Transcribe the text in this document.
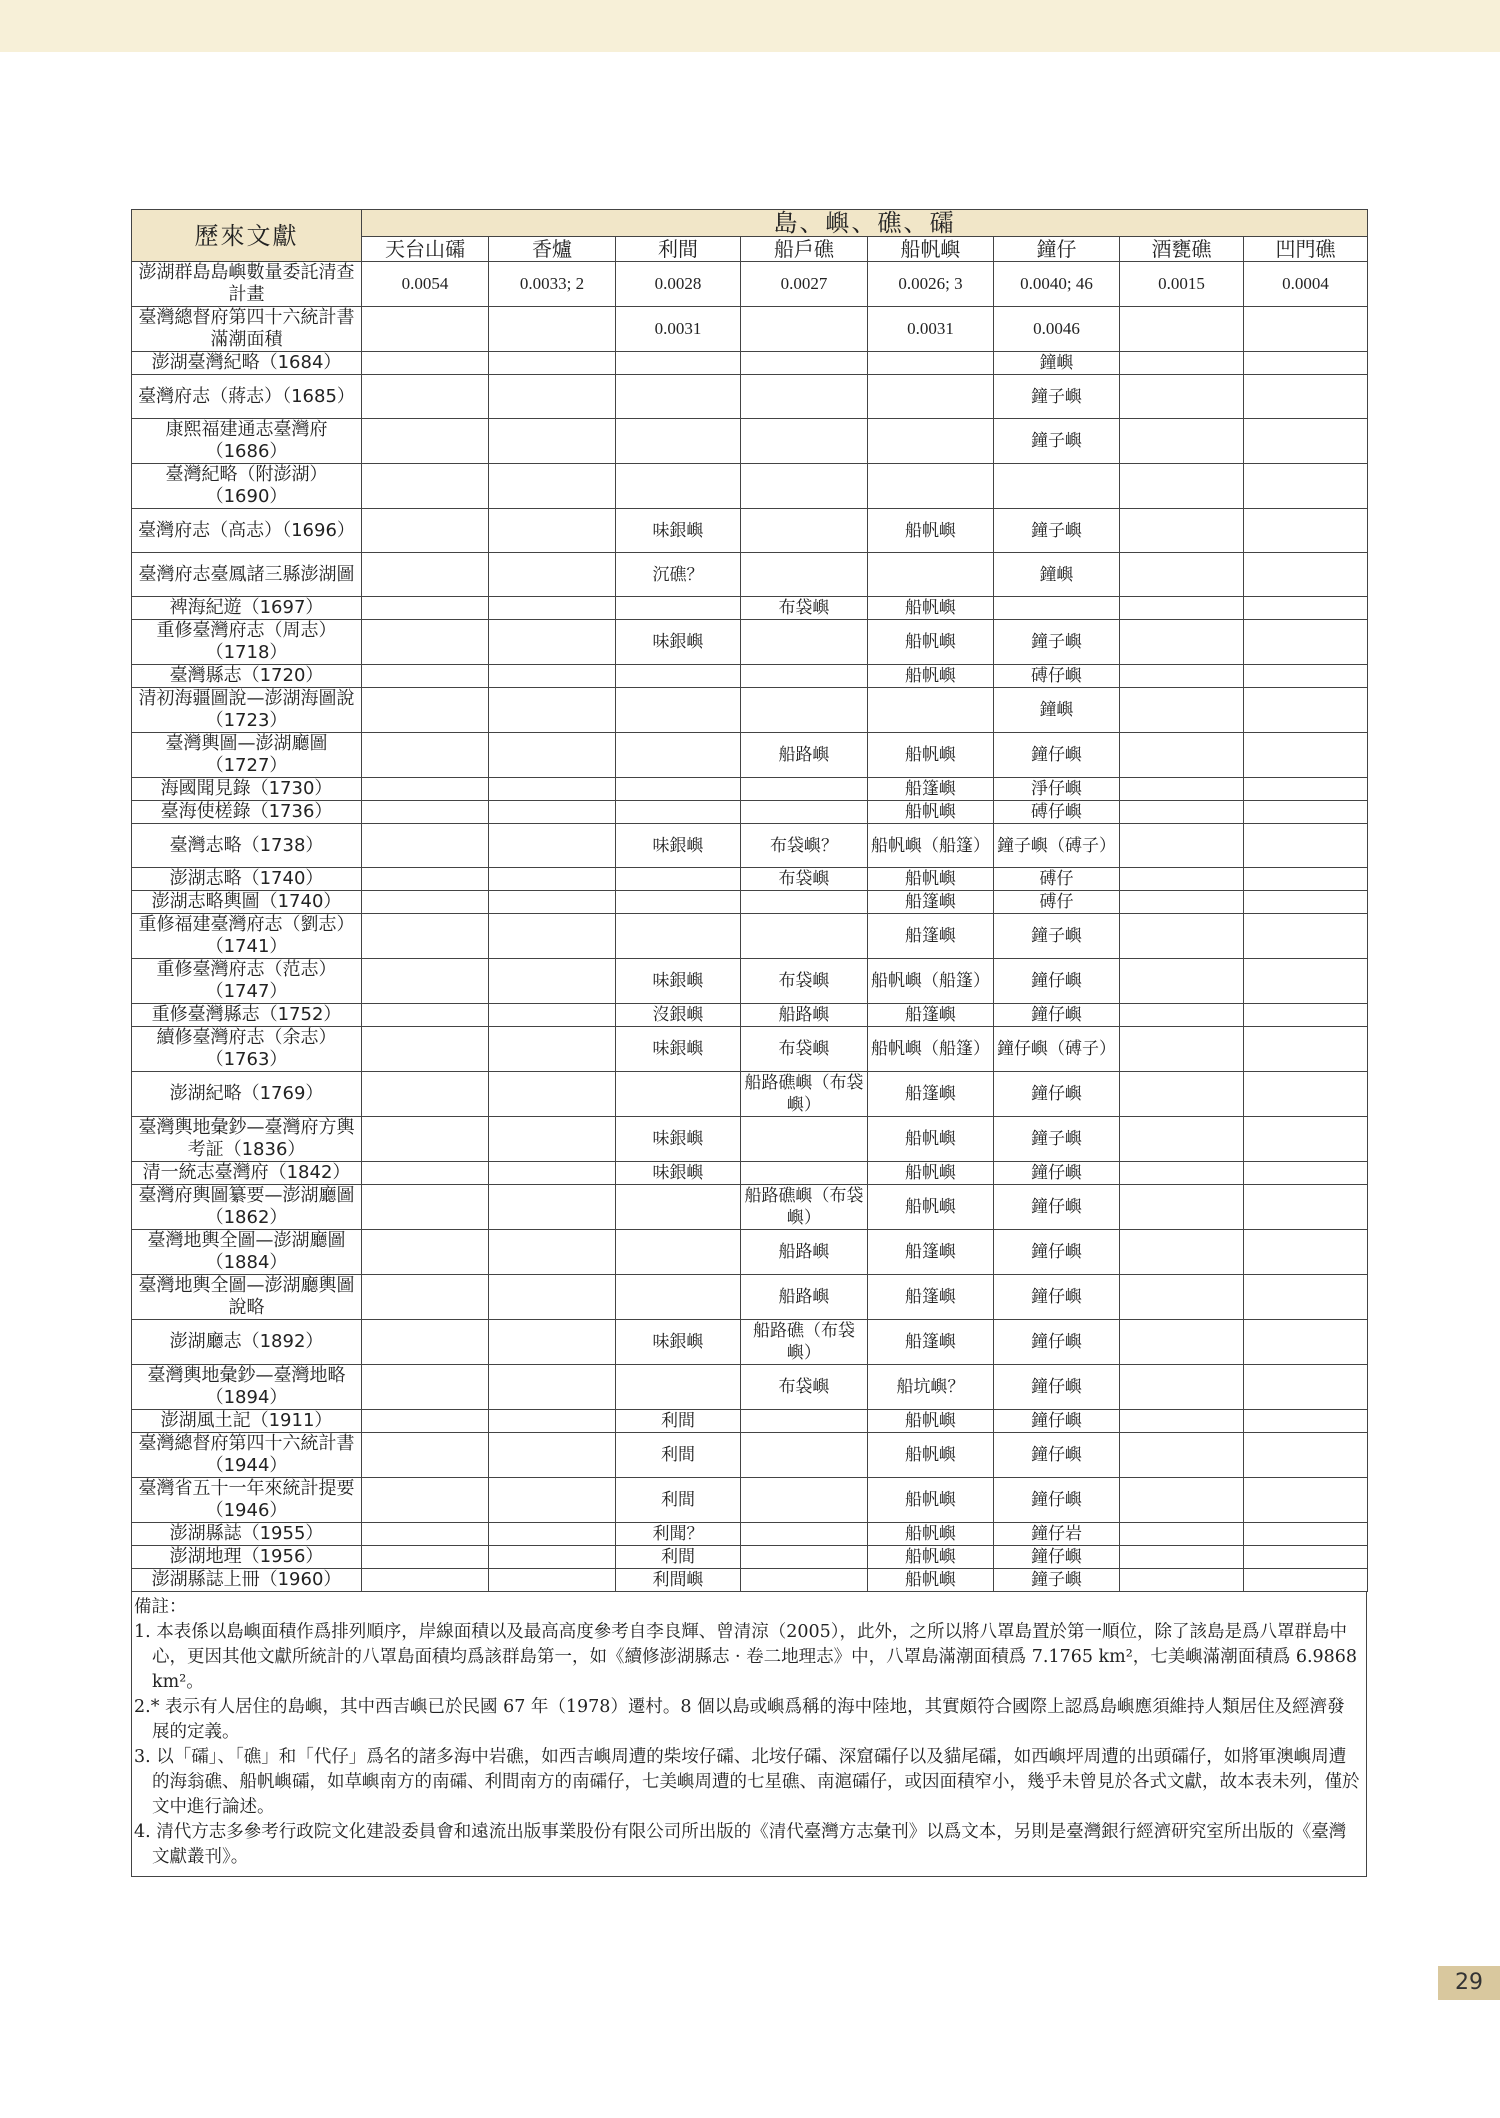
歷來文獻	島、嶼、礁、礵							
	天台山礵	香爐	利間	船戶礁	船帆嶼	鐘仔	酒甕礁	凹門礁
澎湖群島島嶼數量委託清查計畫	0.0054	0.0033; 2	0.0028	0.0027	0.0026; 3	0.0040; 46	0.0015	0.0004
臺灣總督府第四十六統計書滿潮面積			0.0031		0.0031	0.0046		
澎湖臺灣紀略（1684）						鐘嶼		
臺灣府志（蔣志）（1685）						鐘子嶼		
康熙福建通志臺灣府（1686）						鐘子嶼		
臺灣紀略（附澎湖）（1690）								
臺灣府志（高志）（1696）			味銀嶼		船帆嶼	鐘子嶼		
臺灣府志臺鳳諸三縣澎湖圖			沉礁？			鐘嶼		
裨海紀遊（1697）				布袋嶼	船帆嶼			
重修臺灣府志（周志）（1718）			味銀嶼		船帆嶼	鐘子嶼		
臺灣縣志（1720）					船帆嶼	磗仔嶼		
清初海疆圖說—澎湖海圖說（1723）						鐘嶼		
臺灣輿圖—澎湖廳圖（1727）				船路嶼	船帆嶼	鐘仔嶼		
海國聞見錄（1730）					船篷嶼	淨仔嶼		
臺海使槎錄（1736）					船帆嶼	磗仔嶼		
臺灣志略（1738）			味銀嶼	布袋嶼？	船帆嶼（船篷）	鐘子嶼（磗子）		
澎湖志略（1740）				布袋嶼	船帆嶼	磗仔		
澎湖志略輿圖（1740）					船篷嶼	磗仔		
重修福建臺灣府志（劉志）（1741）					船篷嶼	鐘子嶼		
重修臺灣府志（范志）（1747）			味銀嶼	布袋嶼	船帆嶼（船篷）	鐘仔嶼		
重修臺灣縣志（1752）			沒銀嶼	船路嶼	船篷嶼	鐘仔嶼		
續修臺灣府志（余志）（1763）			味銀嶼	布袋嶼	船帆嶼（船篷）	鐘仔嶼（磗子）		
澎湖紀略（1769）				船路礁嶼（布袋嶼）	船篷嶼	鐘仔嶼		
臺灣輿地彙鈔—臺灣府方輿考証（1836）			味銀嶼		船帆嶼	鐘子嶼		
清一統志臺灣府（1842）			味銀嶼		船帆嶼	鐘仔嶼		
臺灣府輿圖纂要—澎湖廳圖（1862）				船路礁嶼（布袋嶼）	船帆嶼	鐘仔嶼		
臺灣地輿全圖—澎湖廳圖（1884）				船路嶼	船篷嶼	鐘仔嶼		
臺灣地輿全圖—澎湖廳輿圖說略				船路嶼	船篷嶼	鐘仔嶼		
澎湖廳志（1892）			味銀嶼	船路礁（布袋嶼）	船篷嶼	鐘仔嶼		
臺灣輿地彙鈔—臺灣地略（1894）				布袋嶼	船坑嶼？	鐘仔嶼		
澎湖風土記（1911）			利間		船帆嶼	鐘仔嶼		
臺灣總督府第四十六統計書（1944）			利間		船帆嶼	鐘仔嶼		
臺灣省五十一年來統計提要（1946）			利間		船帆嶼	鐘仔嶼		
澎湖縣誌（1955）			利聞？		船帆嶼	鐘仔岩		
澎湖地理（1956）			利間		船帆嶼	鐘仔嶼		
澎湖縣誌上冊（1960）			利間嶼		船帆嶼	鐘子嶼		
備註：
1. 本表係以島嶼面積作爲排列順序，岸線面積以及最高高度參考自李良輝、曾清涼（2005），此外，之所以將八罩島置於第一順位，除了該島是爲八罩群島中心，更因其他文獻所統計的八罩島面積均爲該群島第一，如《續修澎湖縣志 · 卷二地理志》中，八罩島滿潮面積爲 7.1765 km²，七美嶼滿潮面積爲 6.9868 km²。
2.* 表示有人居住的島嶼，其中西吉嶼已於民國 67 年（1978）遷村。8 個以島或嶼爲稱的海中陸地，其實頗符合國際上認爲島嶼應須維持人類居住及經濟發展的定義。
3. 以「礵」、「礁」和「代仔」爲名的諸多海中岩礁，如西吉嶼周遭的柴垵仔礵、北垵仔礵、深窟礵仔以及貓尾礵，如西嶼坪周遭的出頭礵仔，如將軍澳嶼周遭的海翁礁、船帆嶼礵，如草嶼南方的南礵、利間南方的南礵仔，七美嶼周遭的七星礁、南滬礵仔，或因面積窄小，幾乎未曾見於各式文獻，故本表未列，僅於文中進行論述。
4. 清代方志多參考行政院文化建設委員會和遠流出版事業股份有限公司所出版的《清代臺灣方志彙刊》以爲文本，另則是臺灣銀行經濟研究室所出版的《臺灣文獻叢刊》。
29
